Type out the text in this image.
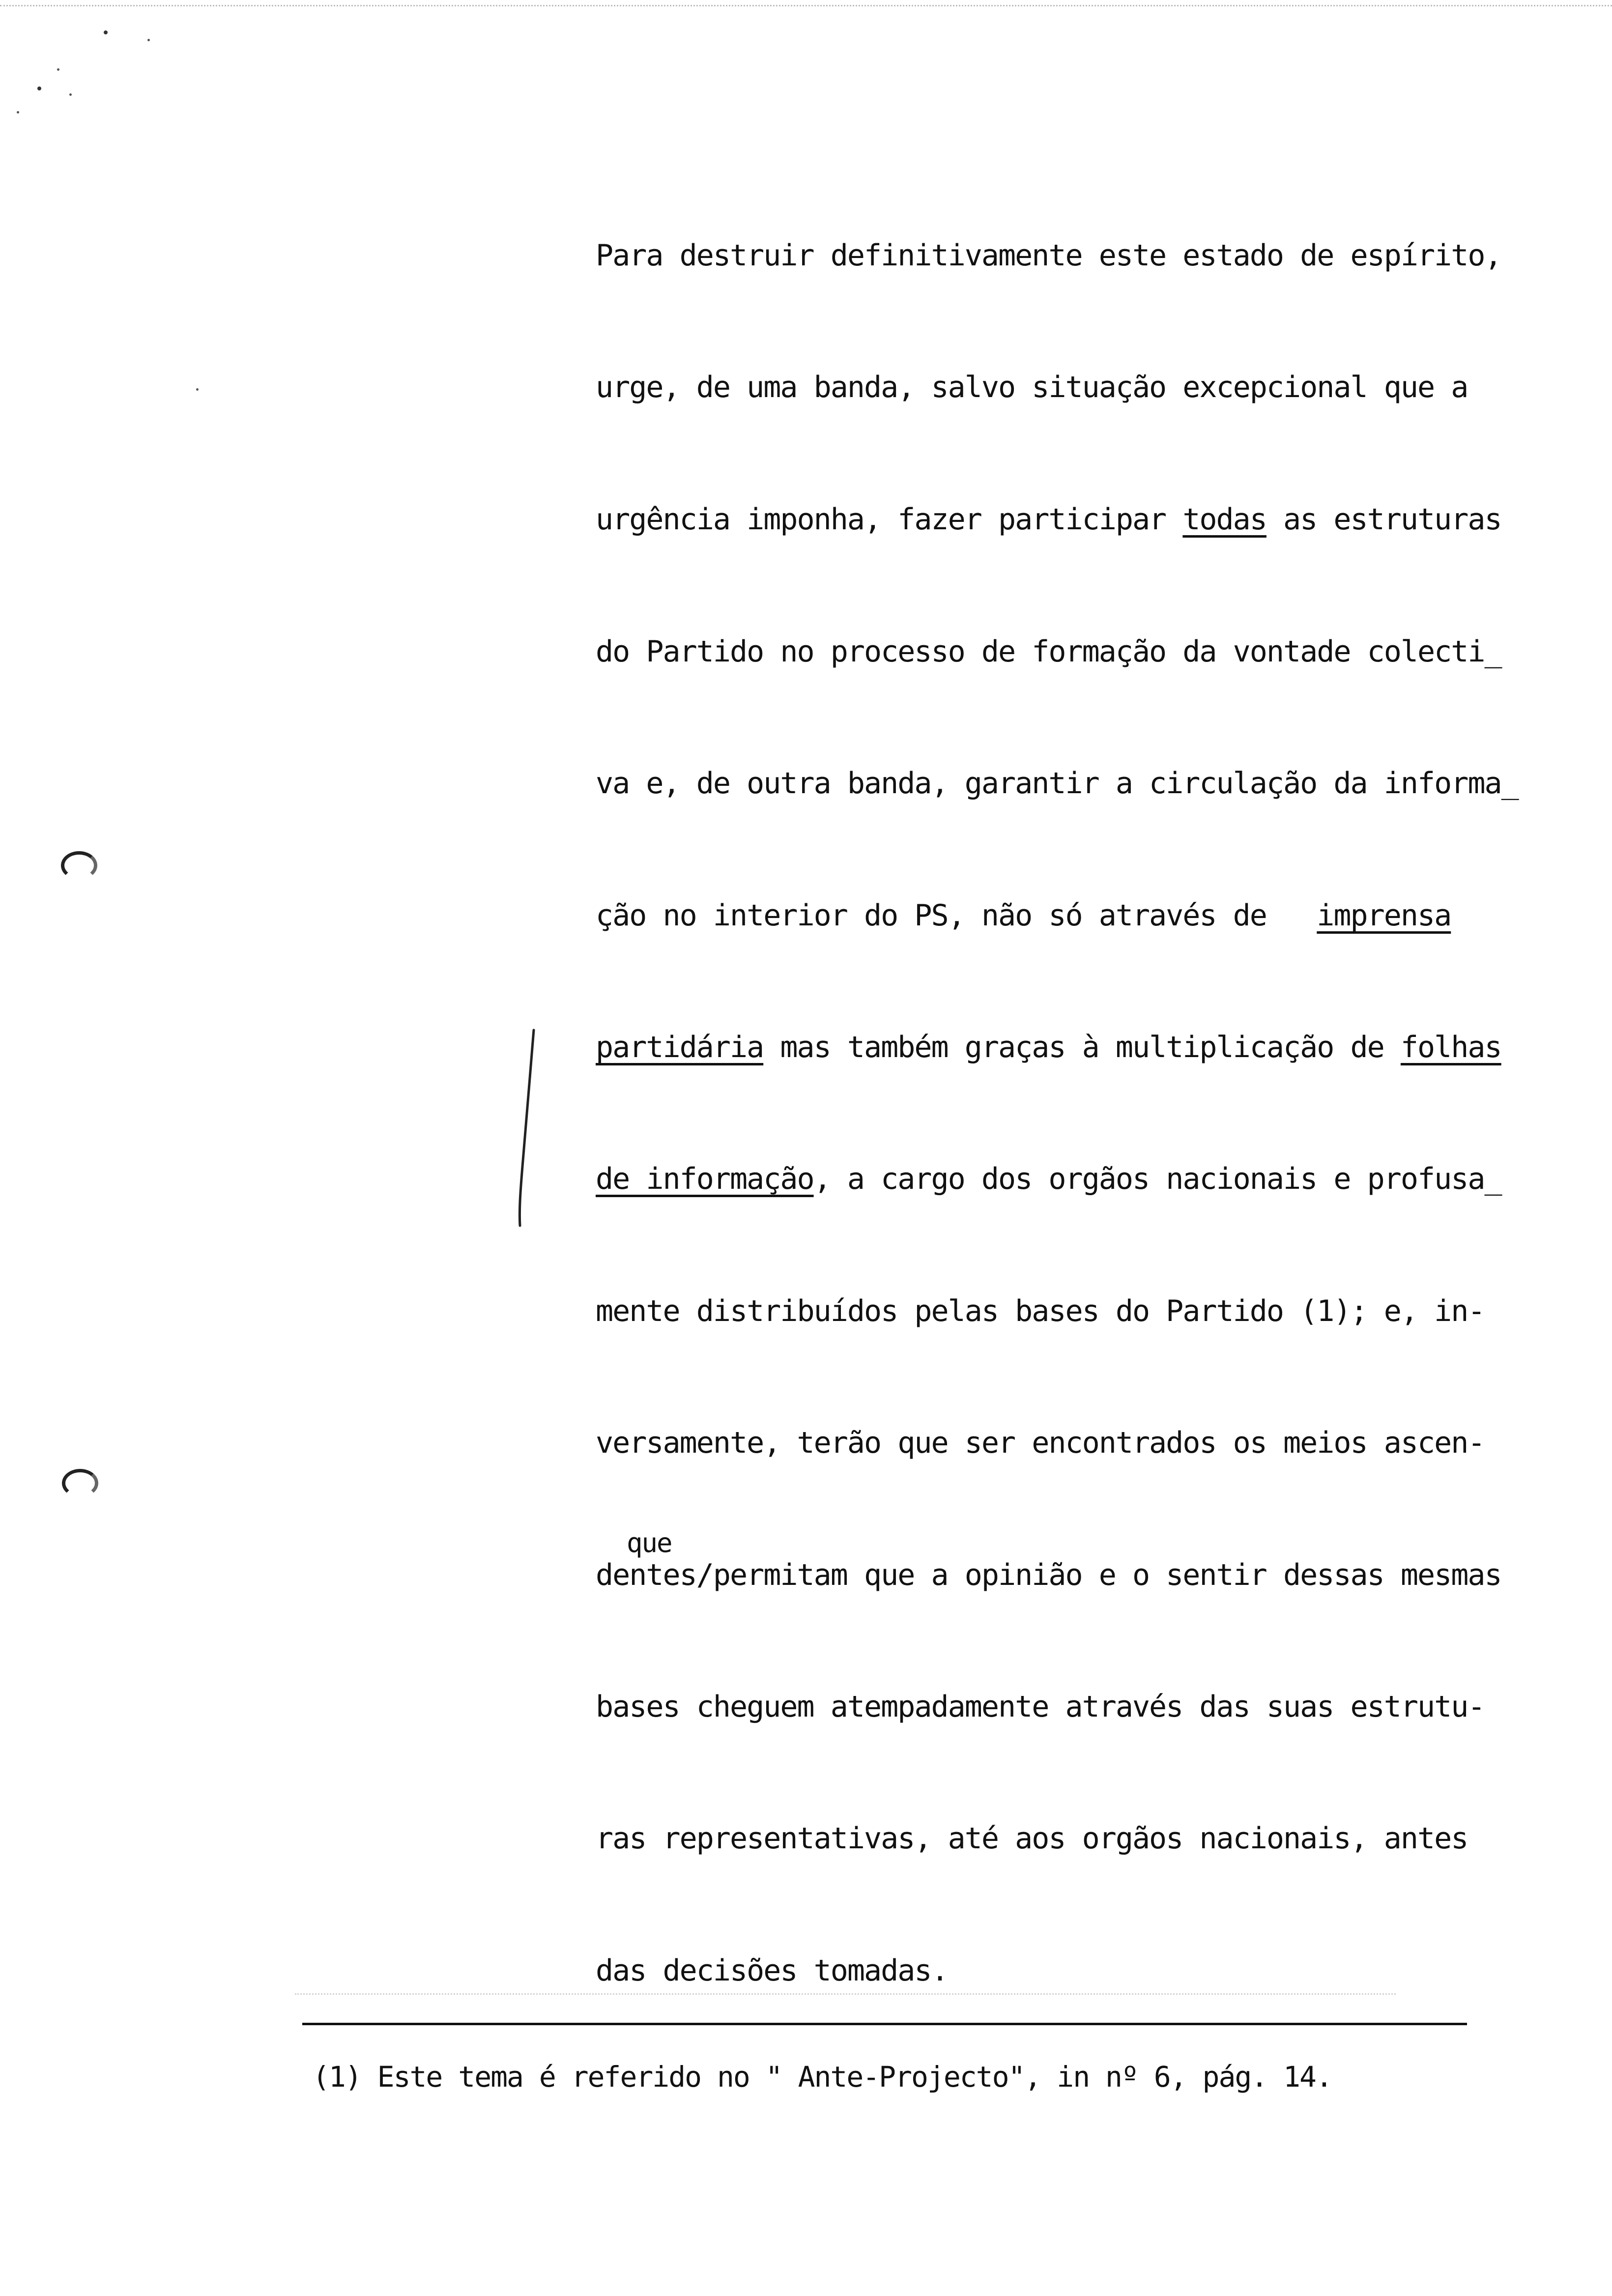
Para destruir definitivamente este estado de espírito,
urge, de uma banda, salvo situação excepcional que a
urgência imponha, fazer participar todas as estruturas
do Partido no processo de formação da vontade colecti_
va e, de outra banda, garantir a circulação da informa_
ção no interior do PS, não só através de   imprensa
partidária mas também graças à multiplicação de folhas
de informação, a cargo dos orgãos nacionais e profusa_
mente distribuídos pelas bases do Partido (1); e, in-
versamente, terão que ser encontrados os meios ascen-
que
dentes/permitam que a opinião e o sentir dessas mesmas
bases cheguem atempadamente através das suas estrutu-
ras representativas, até aos orgãos nacionais, antes
das decisões tomadas.
(1) Este tema é referido no " Ante-Projecto", in nº 6, pág. 14.
